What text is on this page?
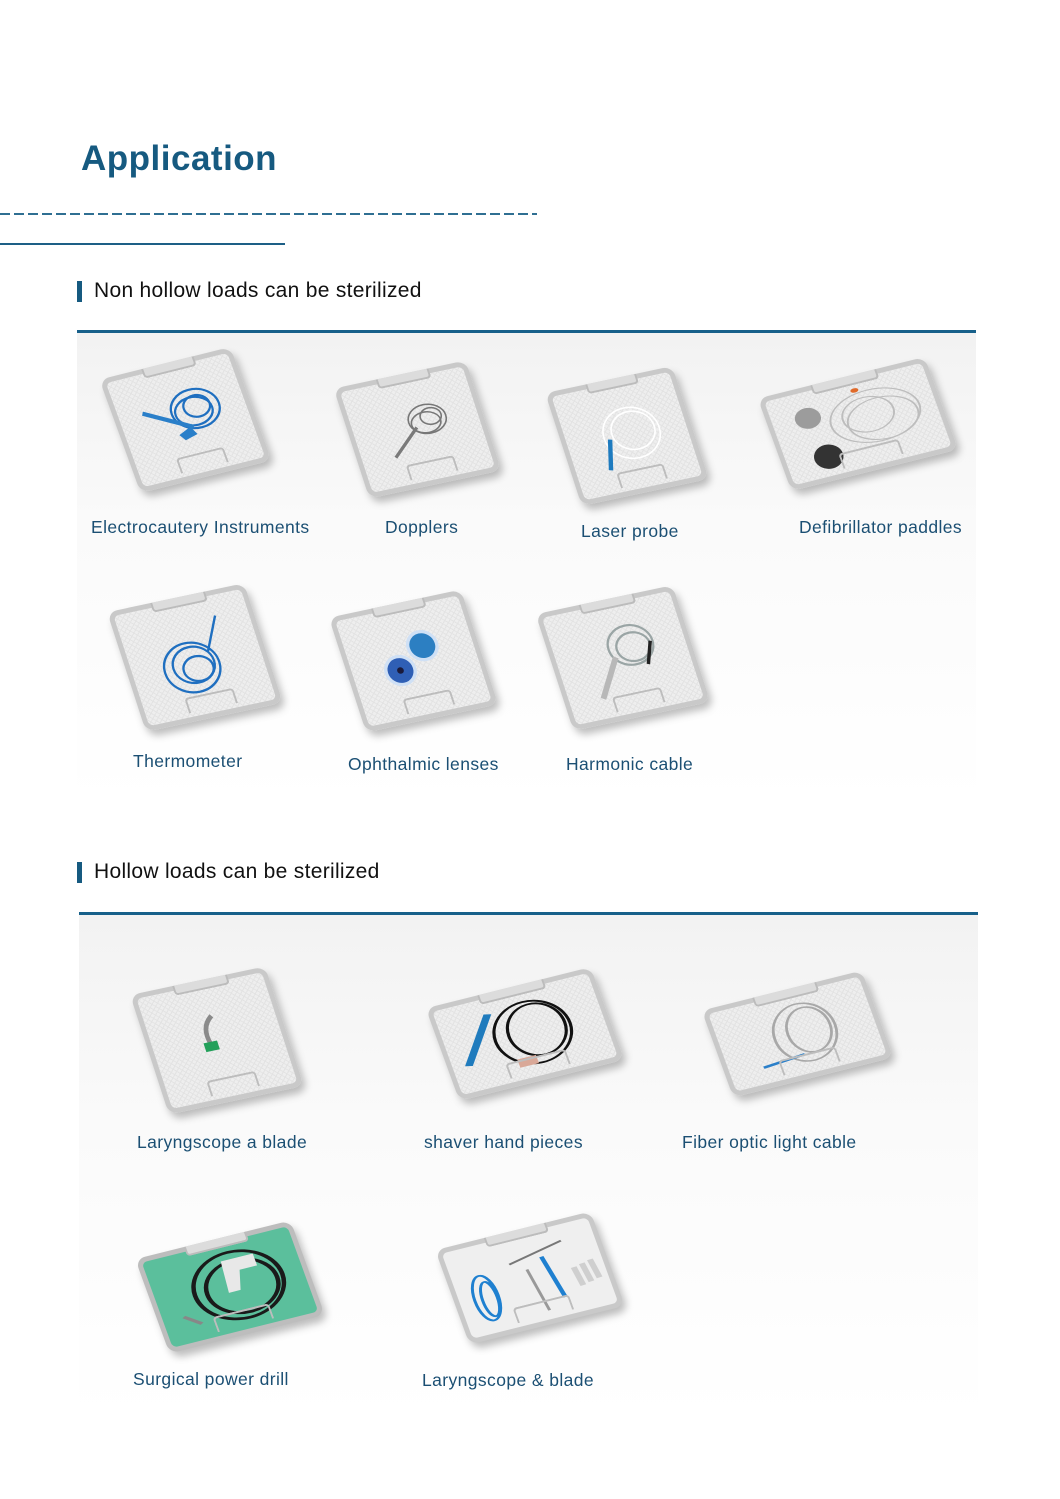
Application
Non hollow loads can be sterilized
Electrocautery Instruments	Dopplers	Laser probe	Defibrillator paddles
Thermometer	Ophthalmic lenses	Harmonic cable
Hollow loads can be sterilized
Laryngscope a blade	shaver hand pieces	Fiber optic light cable
Surgical power drill	Laryngscope & blade
